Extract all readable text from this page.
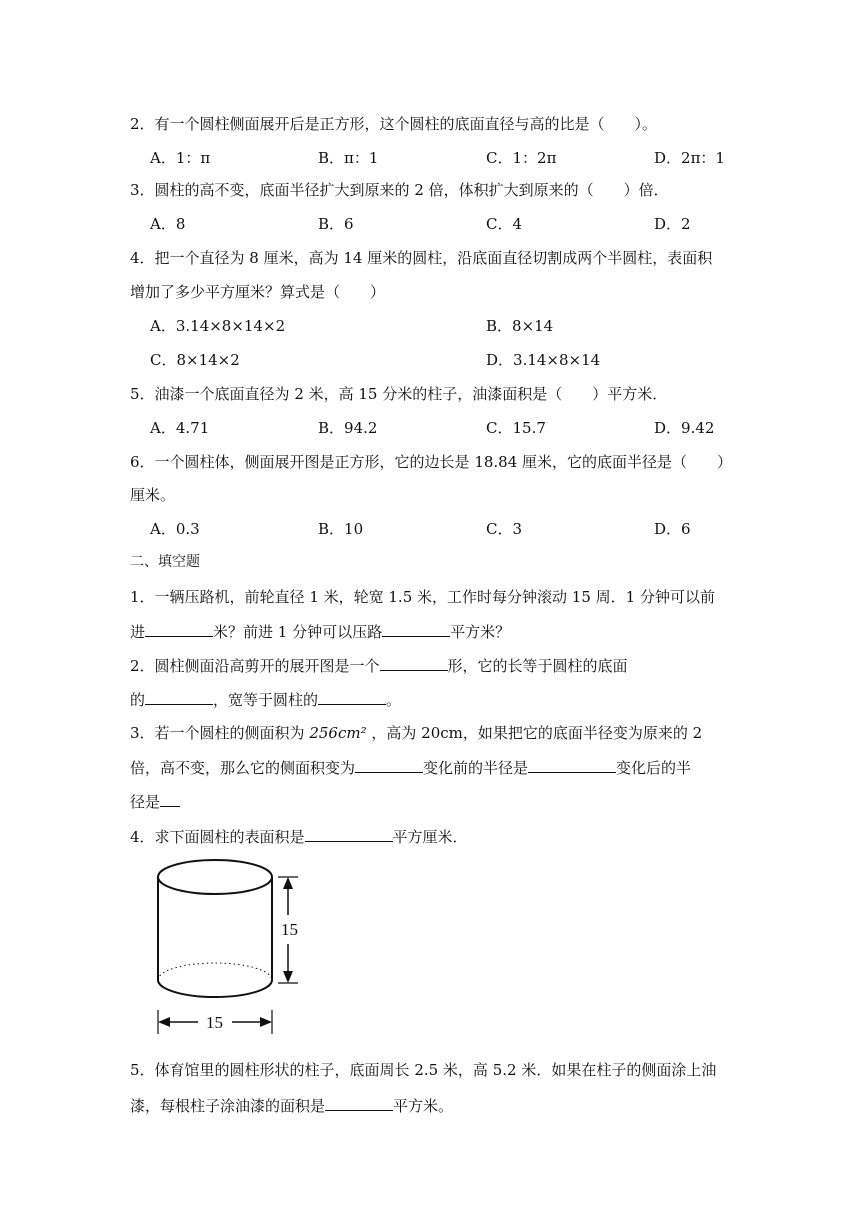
2．有一个圆柱侧面展开后是正方形，这个圆柱的底面直径与高的比是（　　）。
A．1：π	B．π：1	C．1：2π	D．2π：1
3．圆柱的高不变，底面半径扩大到原来的 2 倍，体积扩大到原来的（　　）倍．
A．8	B．6	C．4	D．2
4．把一个直径为 8 厘米，高为 14 厘米的圆柱，沿底面直径切割成两个半圆柱，表面积
增加了多少平方厘米？算式是（　　）
A．3.14×8×14×2	B．8×14
C．8×14×2	D．3.14×8×14
5．油漆一个底面直径为 2 米，高 15 分米的柱子，油漆面积是（　　）平方米．
A．4.71	B．94.2	C．15.7	D．9.42
6．一个圆柱体，侧面展开图是正方形，它的边长是 18.84 厘米，它的底面半径是（　　）
厘米。
A．0.3	B．10	C．3	D．6
二、填空题
1．一辆压路机，前轮直径 1 米，轮宽 1.5 米，工作时每分钟滚动 15 周．1 分钟可以前
进	米？前进 1 分钟可以压路	平方米？
2．圆柱侧面沿高剪开的展开图是一个	形，它的长等于圆柱的底面
的	，宽等于圆柱的	。
3．若一个圆柱的侧面积为 256cm² ，高为 20cm，如果把它的底面半径变为原来的 2
倍，高不变，那么它的侧面积变为	变化前的半径是	变化后的半
径是
4．求下面圆柱的表面积是	平方厘米．
15
15
5．体育馆里的圆柱形状的柱子，底面周长 2.5 米，高 5.2 米．如果在柱子的侧面涂上油
漆，每根柱子涂油漆的面积是	平方米。
